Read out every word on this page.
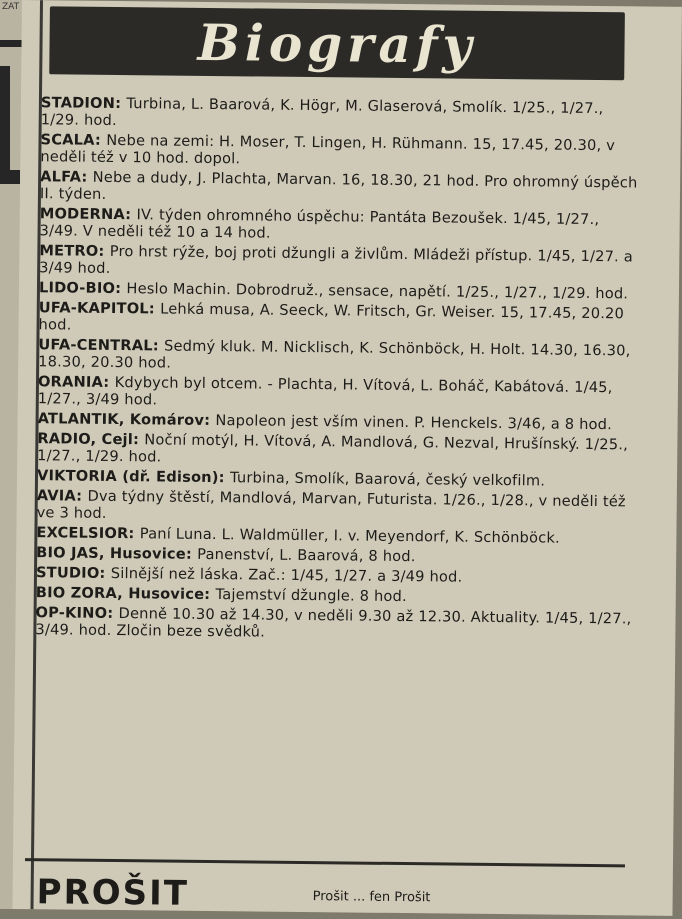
ZAT
Biografy
STADION: Turbina, L. Baarová, K. Högr, M. Glaserová, Smolík. 1/25., 1/27., 1/29. hod.
SCALA: Nebe na zemi: H. Moser, T. Lingen, H. Rühmann. 15, 17.45, 20.30, v neděli též v 10 hod. dopol.
ALFA: Nebe a dudy, J. Plachta, Marvan. 16, 18.30, 21 hod. Pro ohromný úspěch II. týden.
MODERNA: IV. týden ohromného úspěchu: Pantáta Bezoušek. 1/45, 1/27., 3/49. V neděli též 10 a 14 hod.
METRO: Pro hrst rýže, boj proti džungli a živlům. Mládeži přístup. 1/45, 1/27. a 3/49 hod.
LIDO-BIO: Heslo Machin. Dobrodruž., sensace, napětí. 1/25., 1/27., 1/29. hod.
UFA-KAPITOL: Lehká musa, A. Seeck, W. Fritsch, Gr. Weiser. 15, 17.45, 20.20 hod.
UFA-CENTRAL: Sedmý kluk. M. Nicklisch, K. Schönböck, H. Holt. 14.30, 16.30, 18.30, 20.30 hod.
ORANIA: Kdybych byl otcem. - Plachta, H. Vítová, L. Boháč, Kabátová. 1/45, 1/27., 3/49 hod.
ATLANTIK, Komárov: Napoleon jest vším vinen. P. Henckels. 3/46, a 8 hod.
RADIO, Cejl: Noční motýl, H. Vítová, A. Mandlová, G. Nezval, Hrušínský. 1/25., 1/27., 1/29. hod.
VIKTORIA (dř. Edison): Turbina, Smolík, Baarová, český velkofilm.
AVIA: Dva týdny štěstí, Mandlová, Marvan, Futurista. 1/26., 1/28., v neděli též ve 3 hod.
EXCELSIOR: Paní Luna. L. Waldmüller, I. v. Meyendorf, K. Schönböck.
BIO JAS, Husovice: Panenství, L. Baarová, 8 hod.
STUDIO: Silnější než láska. Zač.: 1/45, 1/27. a 3/49 hod.
BIO ZORA, Husovice: Tajemství džungle. 8 hod.
OP-KINO: Denně 10.30 až 14.30, v neděli 9.30 až 12.30. Aktuality. 1/45, 1/27., 3/49. hod. Zločin beze svědků.
PROŠIT	Prošit ... fen Prošit
